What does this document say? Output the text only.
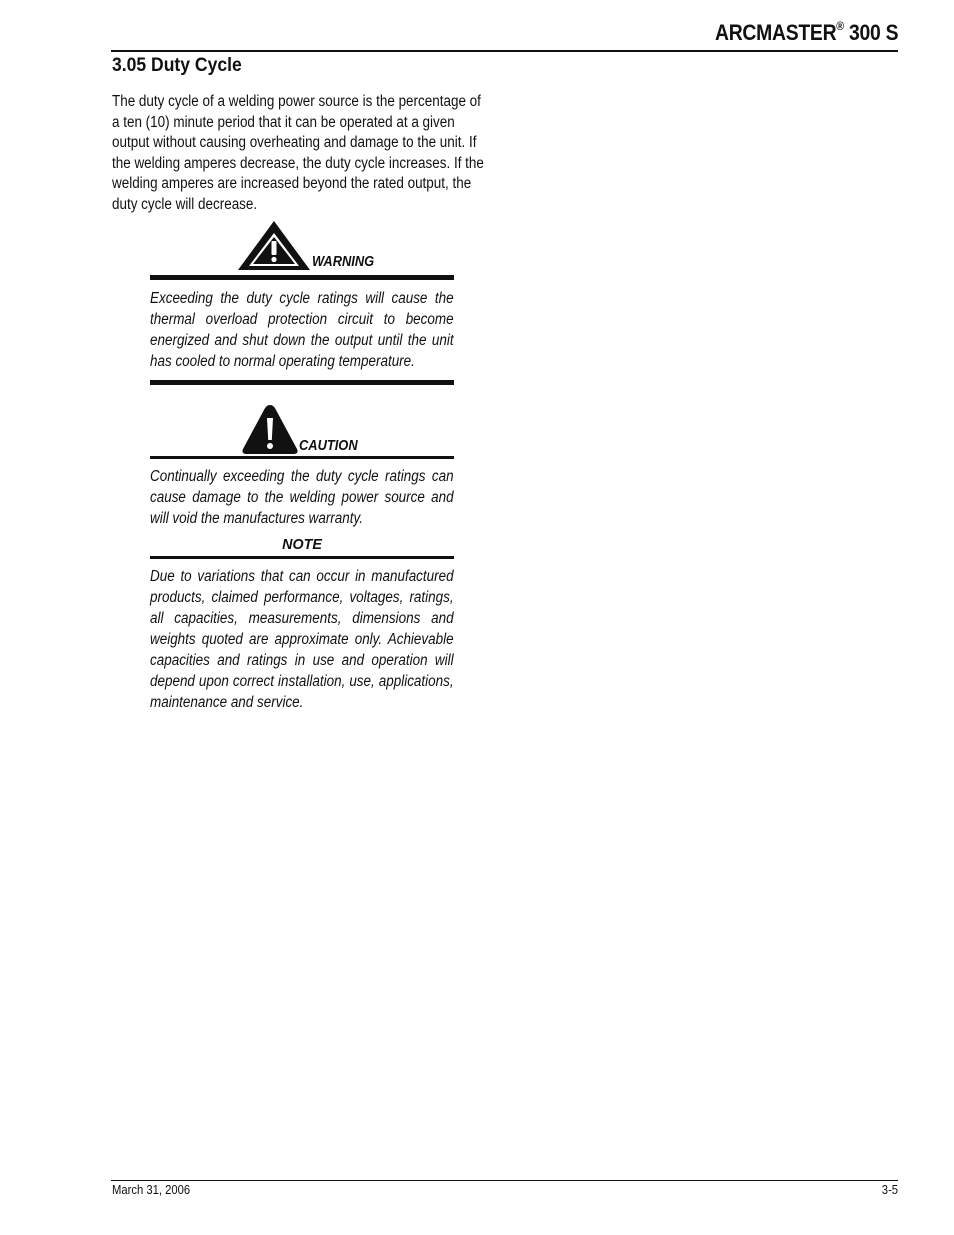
ARCMASTER® 300 S
3.05 Duty Cycle
The duty cycle of a welding power source is the percentage of a ten (10) minute period that it can be operated at a given output without causing overheating and damage to the unit. If the welding amperes decrease, the duty cycle increases. If the welding amperes are increased beyond the rated output, the duty cycle will decrease.
WARNING
Exceeding the duty cycle ratings will cause the thermal overload protection circuit to become energized and shut down the output until the unit has cooled to normal operating temperature.
CAUTION
Continually exceeding the duty cycle ratings can cause damage to the welding power source and will void the manufactures warranty.
NOTE
Due to variations that can occur in manufactured products, claimed performance, voltages, ratings, all capacities, measurements, dimensions and weights quoted are approximate only. Achievable capacities and ratings in use and operation will depend upon correct installation, use, applications, maintenance and service.
March 31, 2006	3-5
